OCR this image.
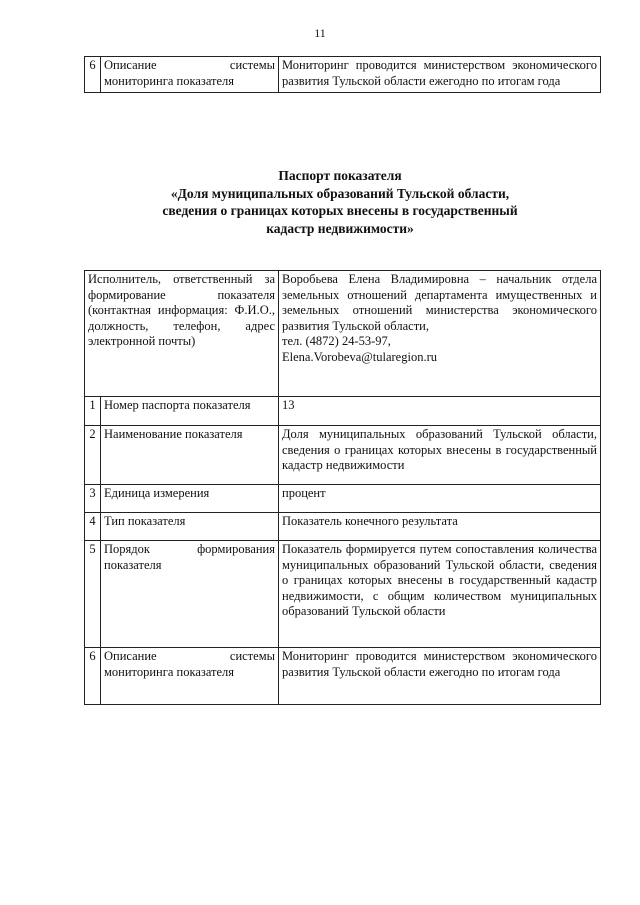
11
6	Описание системы мониторинга показателя	Мониторинг проводится министерством экономического развития Тульской области ежегодно по итогам года
Паспорт показателя
«Доля муниципальных образований Тульской области,
сведения о границах которых внесены в государственный
кадастр недвижимости»
Исполнитель, ответственный за формирование показателя (контактная информация: Ф.И.О., должность, телефон, адрес электронной почты)		Воробьева Елена Владимировна – начальник отдела земельных отношений департамента имущественных и земельных отношений министерства экономического развития Тульской области,
тел. (4872) 24-53-97,
Elena.Vorobeva@tularegion.ru

1	Номер паспорта показателя	13
2	Наименование показателя	Доля муниципальных образований Тульской области, сведения о границах которых внесены в государственный кадастр недвижимости
3	Единица измерения	процент
4	Тип показателя	Показатель конечного результата
5	Порядок формирования показателя	Показатель формируется путем сопоставления количества муниципальных образований Тульской области, сведения о границах которых внесены в государственный кадастр недвижимости, с общим количеством муниципальных образований Тульской области
6	Описание системы мониторинга показателя	Мониторинг проводится министерством экономического развития Тульской области ежегодно по итогам года
